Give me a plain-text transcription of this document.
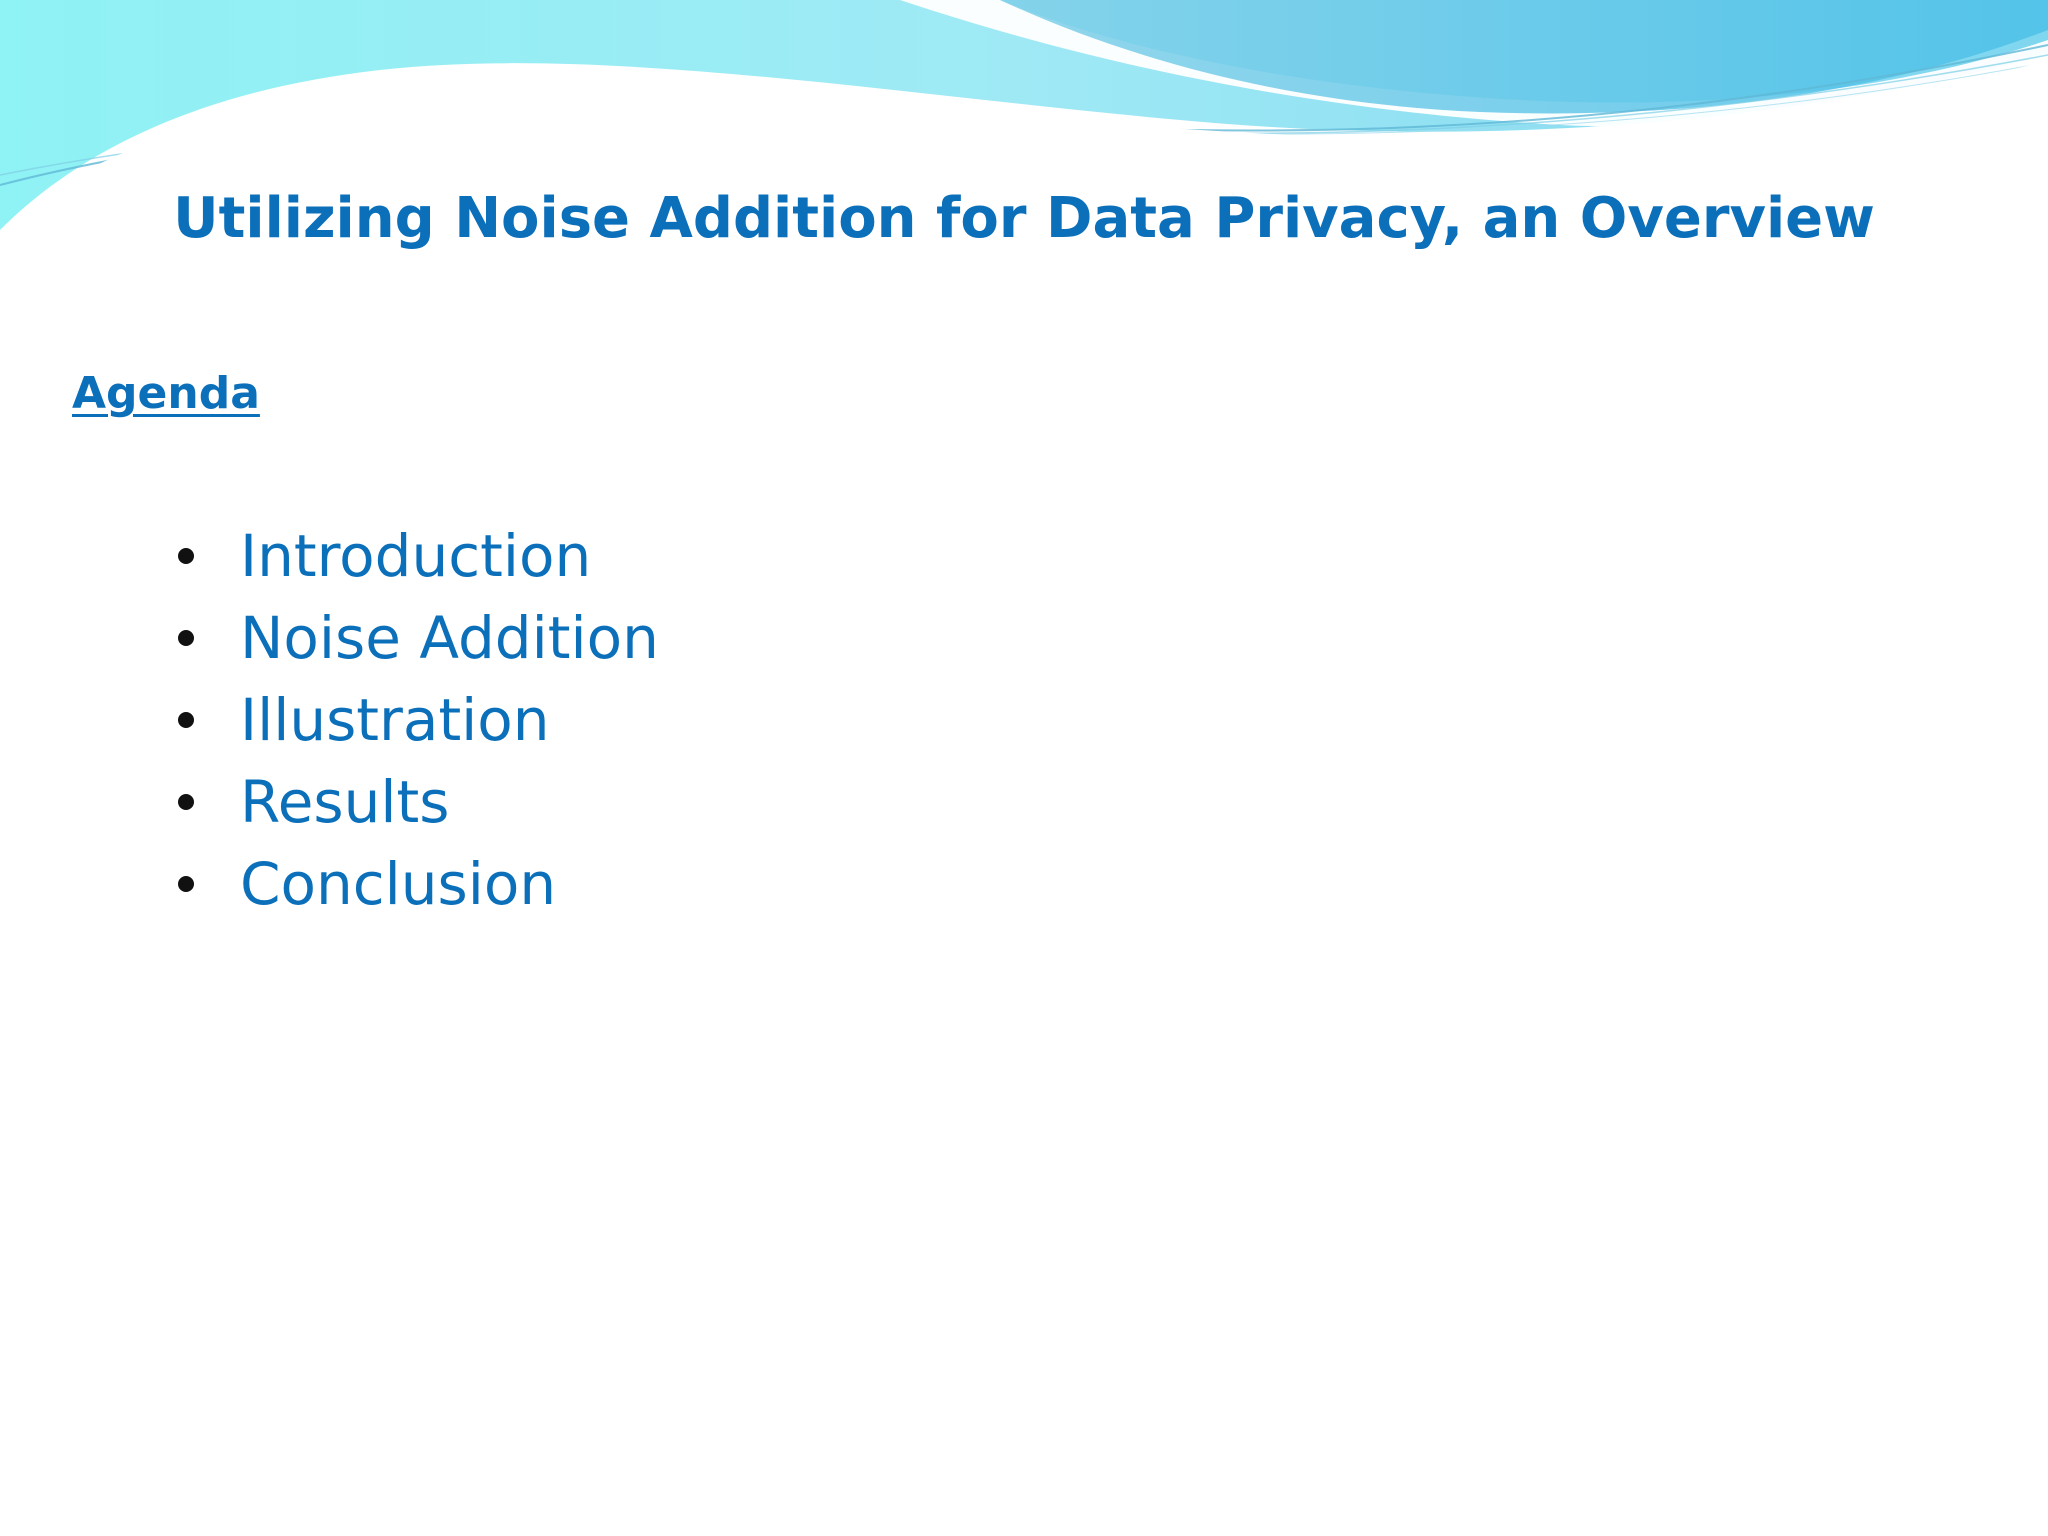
Utilizing Noise Addition for Data Privacy, an Overview
Agenda
Introduction
Noise Addition
Illustration
Results
Conclusion
